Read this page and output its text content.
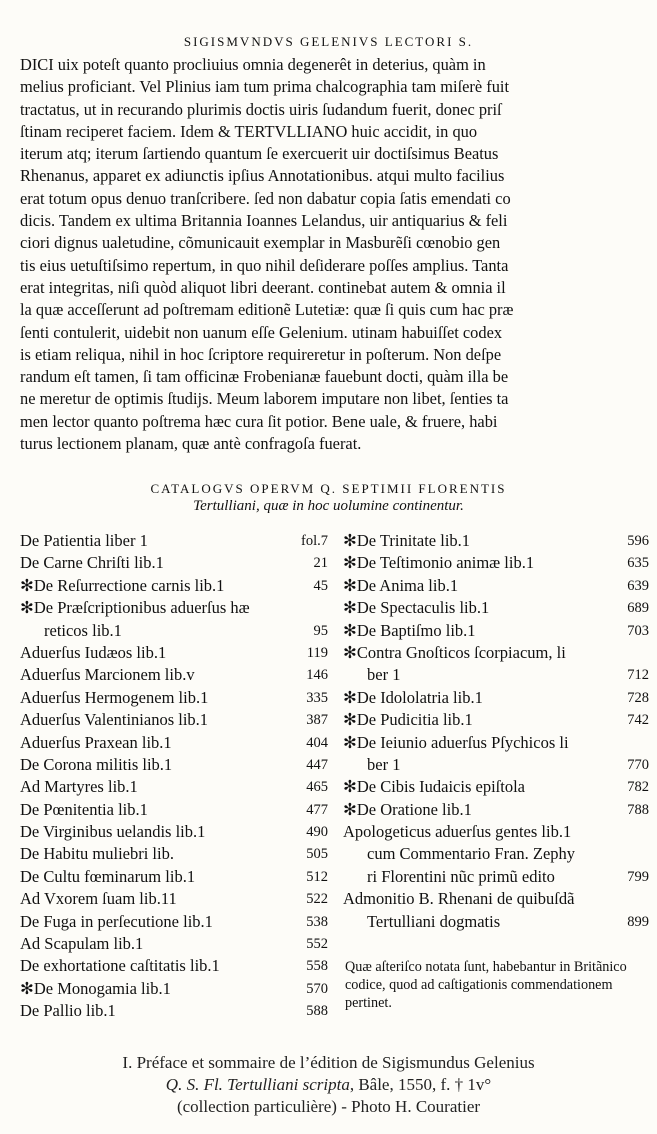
SIGISMVNDVS GELENIVS LECTORI S.
DICI uix poteſt quanto procliuius omnia degenerêt in deterius, quàm in
melius proficiant. Vel Plinius iam tum prima chalcographia tam miſerè fuit
tractatus, ut in recurando plurimis doctis uiris ſudandum fuerit, donec priſ
ſtinam reciperet faciem. Idem & TERTVLLIANO huic accidit, in quo
iterum atq; iterum ſartiendo quantum ſe exercuerit uir doctiſsimus Beatus
Rhenanus, apparet ex adiunctis ipſius Annotationibus. atqui multo facilius
erat totum opus denuo tranſcribere. ſed non dabatur copia ſatis emendati co
dicis. Tandem ex ultima Britannia Ioannes Lelandus, uir antiquarius & feli
ciori dignus ualetudine, cõmunicauit exemplar in Masburẽſi cœnobio gen
tis eius uetuſtiſsimo repertum, in quo nihil deſiderare poſſes amplius. Tanta
erat integritas, niſi quòd aliquot libri deerant. continebat autem & omnia il
la quæ acceſſerunt ad poſtremam editionẽ Lutetiæ: quæ ſi quis cum hac præ
ſenti contulerit, uidebit non uanum eſſe Gelenium. utinam habuiſſet codex
is etiam reliqua, nihil in hoc ſcriptore requireretur in poſterum. Non deſpe
randum eſt tamen, ſi tam officinæ Frobenianæ fauebunt docti, quàm illa be
ne meretur de optimis ſtudijs. Meum laborem imputare non libet, ſenties ta
men lector quanto poſtrema hæc cura ſit potior. Bene uale, & fruere, habi
turus lectionem planam, quæ antè confragoſa fuerat.
CATALOGVS OPERVM Q. SEPTIMII FLORENTIS
Tertulliani, quæ in hoc uolumine continentur.
De Patientia liber 1	fol.7
De Carne Chriſti lib.1	21
✻De Reſurrectione carnis lib.1	45
✻De Præſcriptionibus aduerſus hæ
reticos lib.1	95
Aduerſus Iudæos lib.1	119
Aduerſus Marcionem lib.v	146
Aduerſus Hermogenem lib.1	335
Aduerſus Valentinianos lib.1	387
Aduerſus Praxean lib.1	404
De Corona militis lib.1	447
Ad Martyres lib.1	465
De Pœnitentia lib.1	477
De Virginibus uelandis lib.1	490
De Habitu muliebri lib.	505
De Cultu fœminarum lib.1	512
Ad Vxorem ſuam lib.11	522
De Fuga in perſecutione lib.1	538
Ad Scapulam lib.1	552
De exhortatione caſtitatis lib.1	558
✻De Monogamia lib.1	570
De Pallio lib.1	588
✻De Trinitate lib.1	596
✻De Teſtimonio animæ lib.1	635
✻De Anima lib.1	639
✻De Spectaculis lib.1	689
✻De Baptiſmo lib.1	703
✻Contra Gnoſticos ſcorpiacum, li
ber 1	712
✻De Idololatria lib.1	728
✻De Pudicitia lib.1	742
✻De Ieiunio aduerſus Pſychicos li
ber 1	770
✻De Cibis Iudaicis epiſtola	782
✻De Oratione lib.1	788
Apologeticus aduerſus gentes lib.1
cum Commentario Fran. Zephy
ri Florentini nũc primũ edito	799
Admonitio B. Rhenani de quibuſdã
Tertulliani dogmatis	899
Quæ aſteriſco notata ſunt, habebantur in Britãnico codice, quod ad caſtigationis commendationem pertinet.
I. Préface et sommaire de l’édition de Sigismundus Gelenius
Q. S. Fl. Tertulliani scripta, Bâle, 1550, f. † 1v°
(collection particulière) - Photo H. Couratier
